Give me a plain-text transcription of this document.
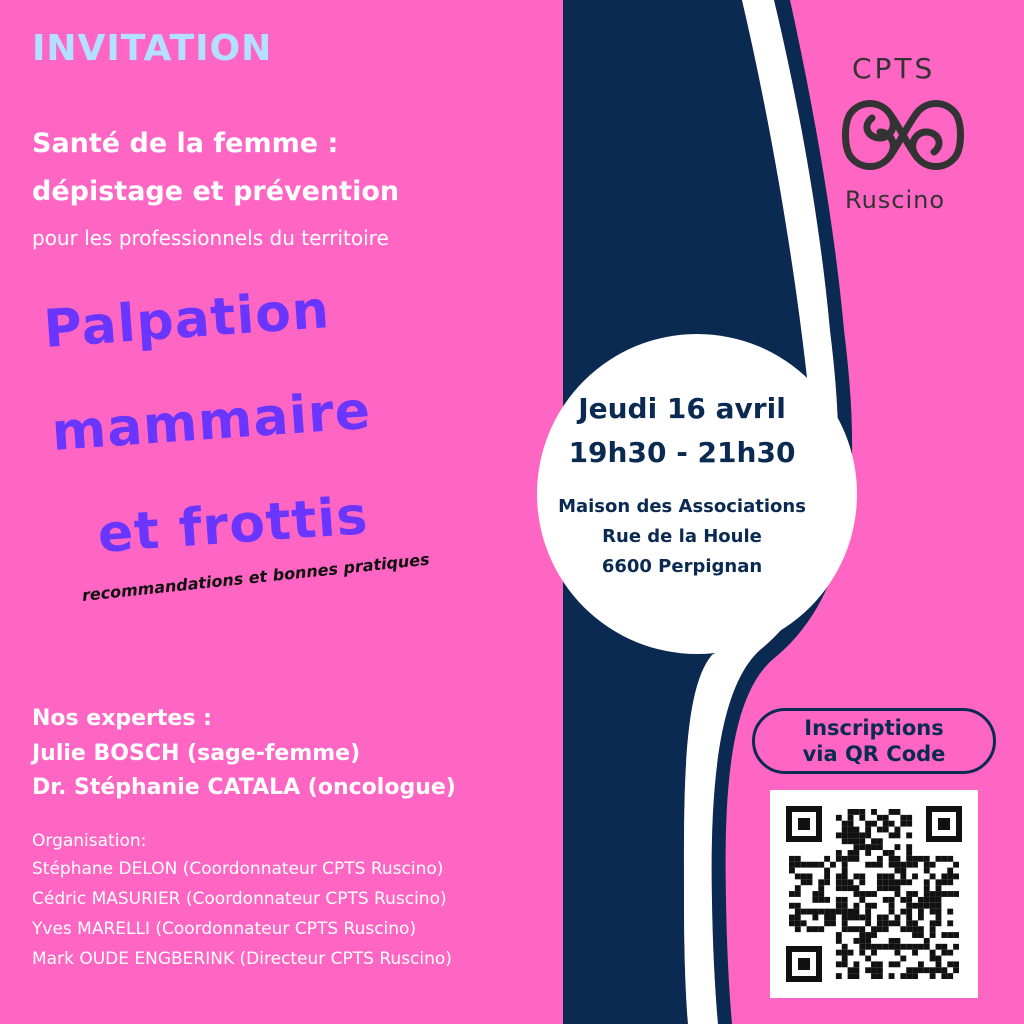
INVITATION
Santé de la femme :
dépistage et prévention
pour les professionnels du territoire
Palpation
mammaire
et frottis
recommandations et bonnes pratiques
Nos expertes :
Julie BOSCH (sage-femme)
Dr. Stéphanie CATALA (oncologue)
Organisation:
Stéphane DELON (Coordonnateur CPTS Ruscino)
Cédric MASURIER (Coordonnateur CPTS Ruscino)
Yves MARELLI (Coordonnateur CPTS Ruscino)
Mark OUDE ENGBERINK (Directeur CPTS Ruscino)
CPTS
Ruscino
Jeudi 16 avril
19h30 - 21h30
Maison des Associations
Rue de la Houle
6600 Perpignan
Inscriptions
via QR Code
